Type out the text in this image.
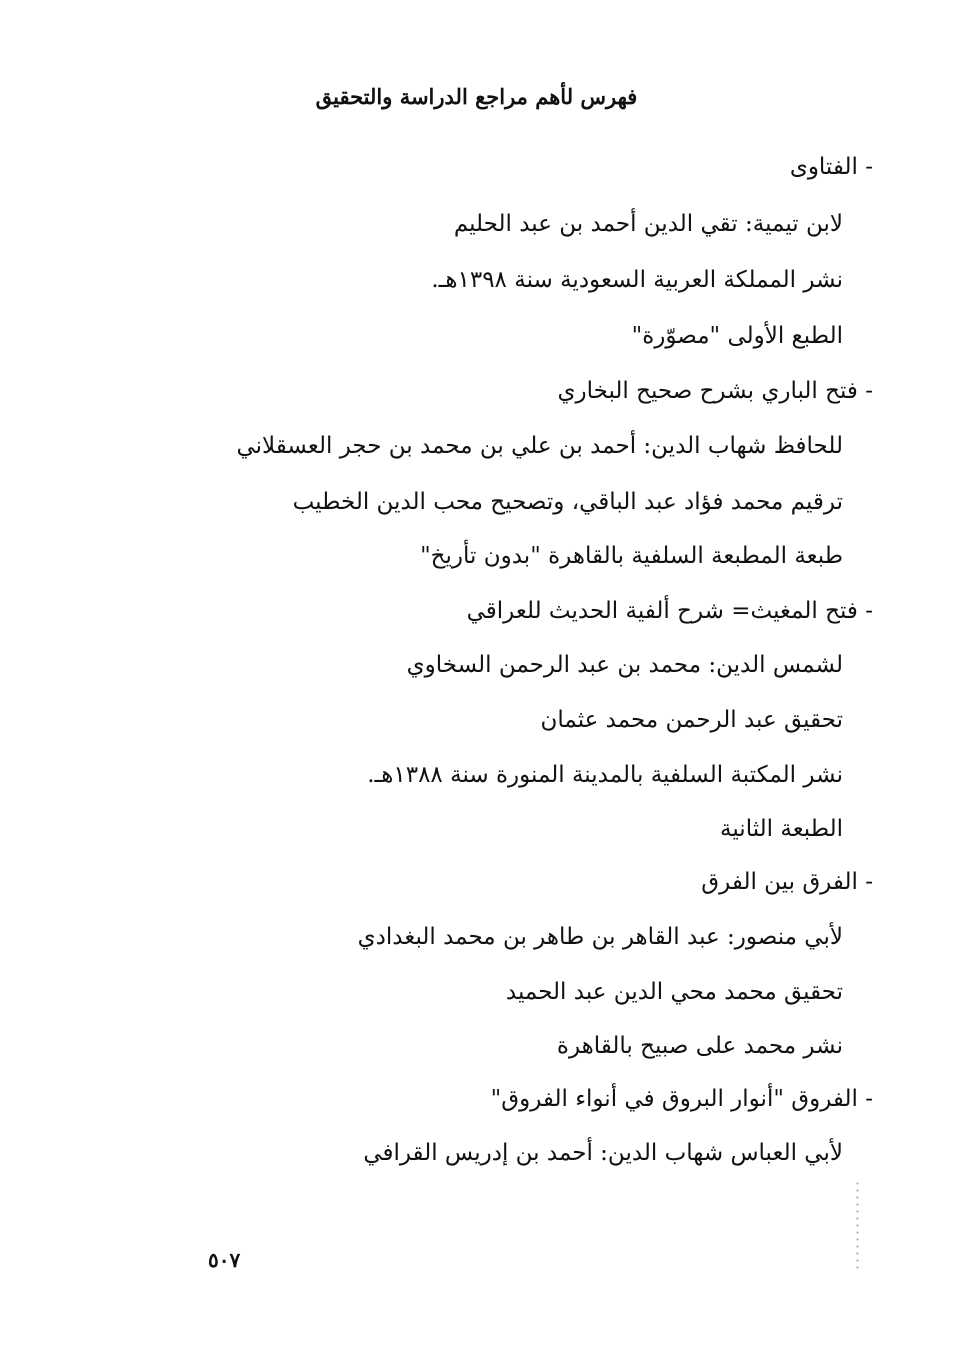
فهرس لأهم مراجع الدراسة والتحقيق

- الفتاوى

لابن تيمية: تقي الدين أحمد بن عبد الحليم

نشر المملكة العربية السعودية سنة ١٣٩٨هـ.

الطبع الأولى "مصوّرة"

- فتح الباري بشرح صحيح البخاري

للحافظ شهاب الدين: أحمد بن علي بن محمد بن حجر العسقلاني

ترقيم محمد فؤاد عبد الباقي، وتصحيح محب الدين الخطيب

طبعة المطبعة السلفية بالقاهرة "بدون تأريخ"

- فتح المغيث= شرح ألفية الحديث للعراقي

لشمس الدين: محمد بن عبد الرحمن السخاوي

تحقيق عبد الرحمن محمد عثمان

نشر المكتبة السلفية بالمدينة المنورة سنة ١٣٨٨هـ.

الطبعة الثانية

- الفرق بين الفرق

لأبي منصور: عبد القاهر بن طاهر بن محمد البغدادي

تحقيق محمد محي الدين عبد الحميد

نشر محمد على صبيح بالقاهرة

- الفروق "أنوار البروق في أنواء الفروق"

لأبي العباس شهاب الدين: أحمد بن إدريس القرافي

٥٠٧
